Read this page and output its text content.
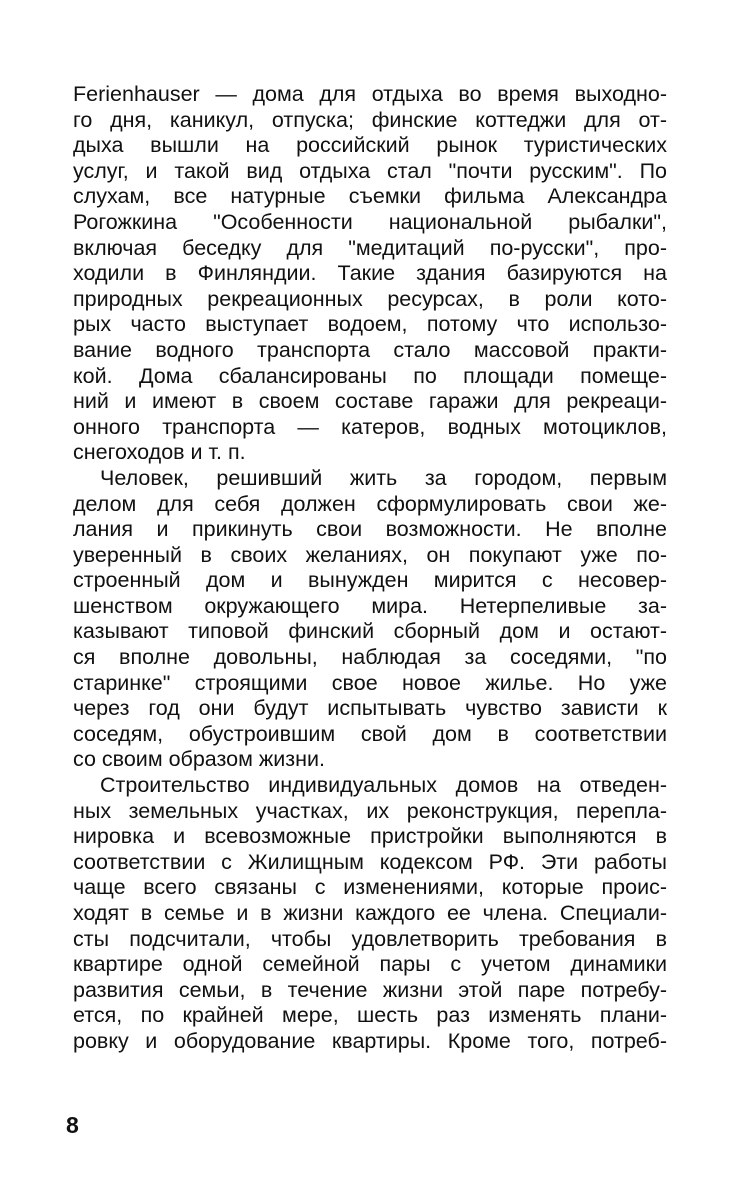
Ferienhauser — дома для отдыха во время выходно-
го дня, каникул, отпуска; финские коттеджи для от-
дыха вышли на российский рынок туристических
услуг, и такой вид отдыха стал "почти русским". По
слухам, все натурные съемки фильма Александра
Рогожкина "Особенности национальной рыбалки",
включая беседку для "медитаций по-русски", про-
ходили в Финляндии. Такие здания базируются на
природных рекреационных ресурсах, в роли кото-
рых часто выступает водоем, потому что использо-
вание водного транспорта стало массовой практи-
кой. Дома сбалансированы по площади помеще-
ний и имеют в своем составе гаражи для рекреаци-
онного транспорта — катеров, водных мотоциклов,
снегоходов и т. п.
Человек, решивший жить за городом, первым
делом для себя должен сформулировать свои же-
лания и прикинуть свои возможности. Не вполне
уверенный в своих желаниях, он покупают уже по-
строенный дом и вынужден мирится с несовер-
шенством окружающего мира. Нетерпеливые за-
казывают типовой финский сборный дом и остают-
ся вполне довольны, наблюдая за соседями, "по
старинке" строящими свое новое жилье. Но уже
через год они будут испытывать чувство зависти к
соседям, обустроившим свой дом в соответствии
со своим образом жизни.
Строительство индивидуальных домов на отведен-
ных земельных участках, их реконструкция, перепла-
нировка и всевозможные пристройки выполняются в
соответствии с Жилищным кодексом РФ. Эти работы
чаще всего связаны с изменениями, которые проис-
ходят в семье и в жизни каждого ее члена. Специали-
сты подсчитали, чтобы удовлетворить требования в
квартире одной семейной пары с учетом динамики
развития семьи, в течение жизни этой паре потребу-
ется, по крайней мере, шесть раз изменять плани-
ровку и оборудование квартиры. Кроме того, потреб-
8
